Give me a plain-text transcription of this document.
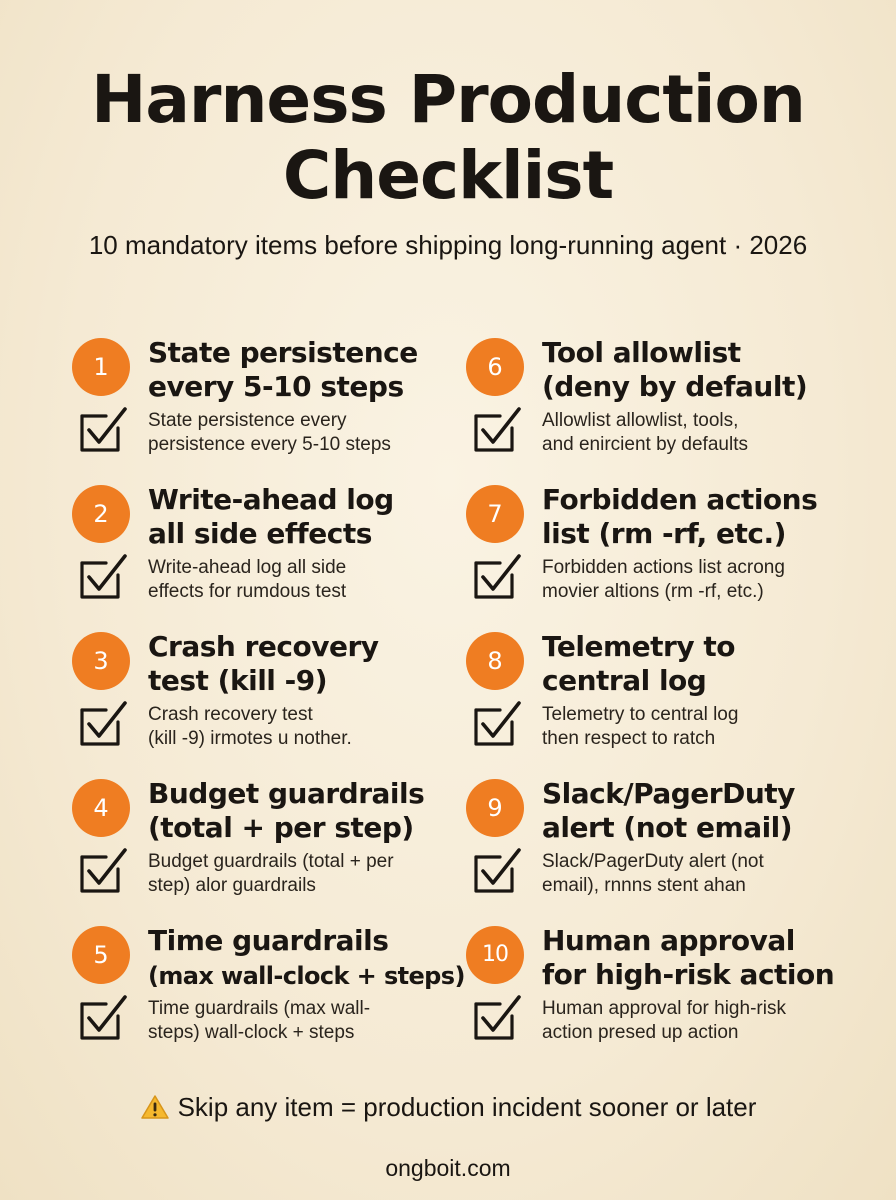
Harness Production Checklist
10 mandatory items before shipping long-running agent · 2026
1	State persistence
every 5-10 steps
State persistence every
persistence every 5-10 steps
2	Write-ahead log
all side effects
Write-ahead log all side
effects for rumdous test
3	Crash recovery
test (kill -9)
Crash recovery test
(kill -9) irmotes u nother.
4	Budget guardrails
(total + per step)
Budget guardrails (total + per
step) alor guardrails
5	Time guardrails
(max wall-clock + steps)
Time guardrails (max wall-
steps) wall-clock + steps
6	Tool allowlist
(deny by default)
Allowlist allowlist, tools,
and enircient by defaults
7	Forbidden actions
list (rm -rf, etc.)
Forbidden actions list acrong
movier altions (rm -rf, etc.)
8	Telemetry to
central log
Telemetry to central log
then respect to ratch
9	Slack/PagerDuty
alert (not email)
Slack/PagerDuty alert (not
email), rnnns stent ahan
10	Human approval
for high-risk action
Human approval for high-risk
action presed up action
Skip any item = production incident sooner or later
ongboit.com
